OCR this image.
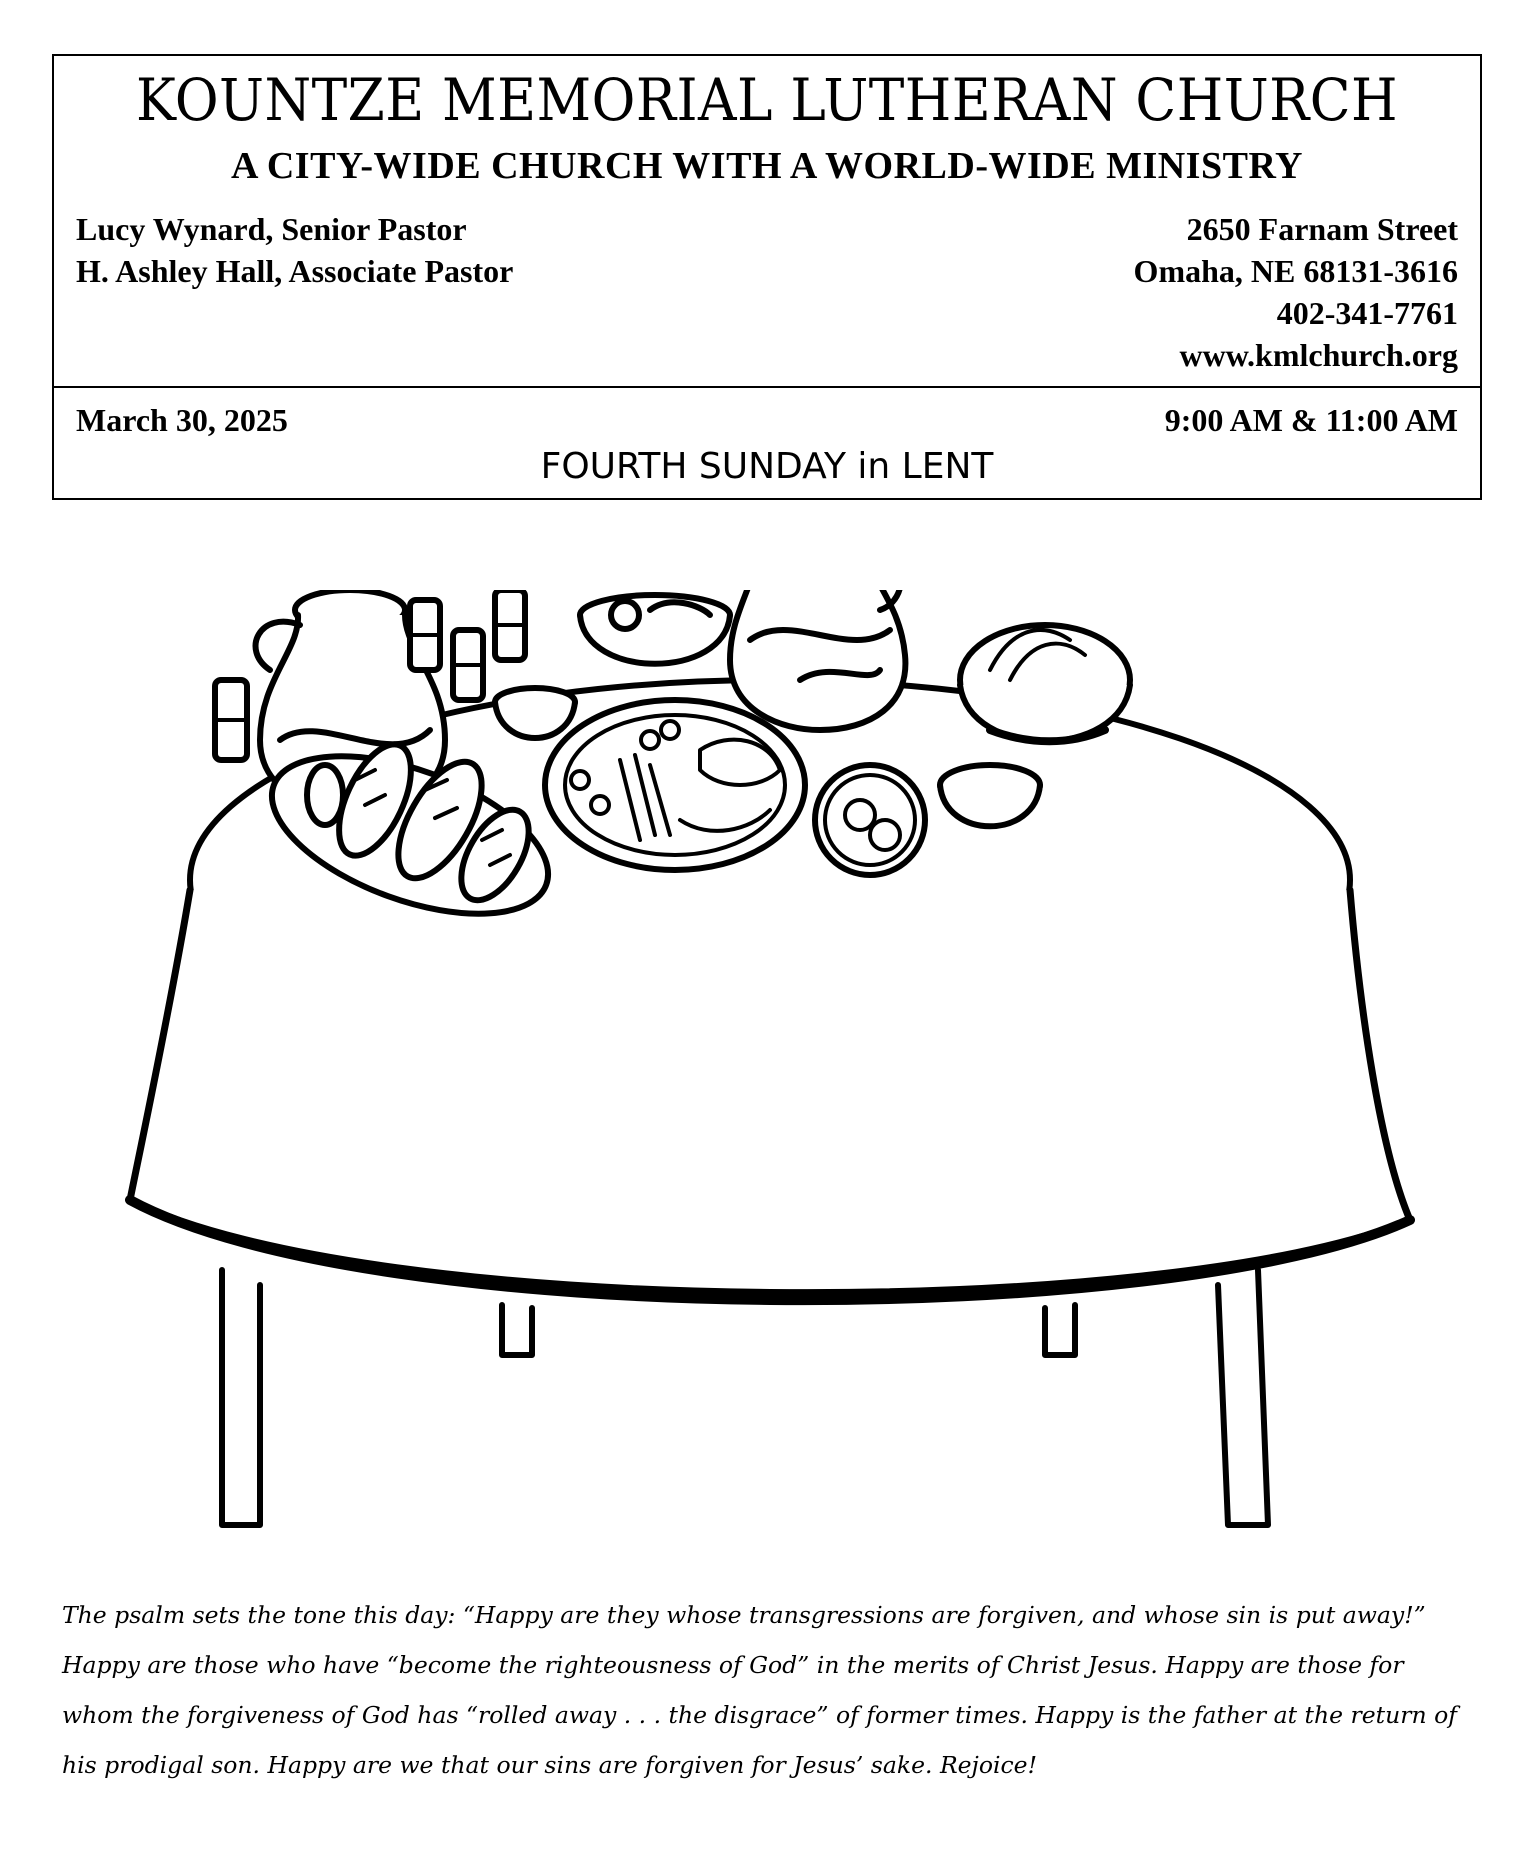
KOUNTZE MEMORIAL LUTHERAN CHURCH
A CITY-WIDE CHURCH WITH A WORLD-WIDE MINISTRY
Lucy Wynard, Senior Pastor
H. Ashley Hall, Associate Pastor
2650 Farnam Street
Omaha, NE 68131-3616
402-341-7761
www.kmlchurch.org
March 30, 2025	9:00 AM & 11:00 AM
FOURTH SUNDAY in LENT
The psalm sets the tone this day: “Happy are they whose transgressions are forgiven, and whose sin is put away!” Happy are those who have “become the righteousness of God” in the merits of Christ Jesus. Happy are those for whom the forgiveness of God has “rolled away . . . the disgrace” of former times. Happy is the father at the return of his prodigal son. Happy are we that our sins are forgiven for Jesus’ sake. Rejoice!
